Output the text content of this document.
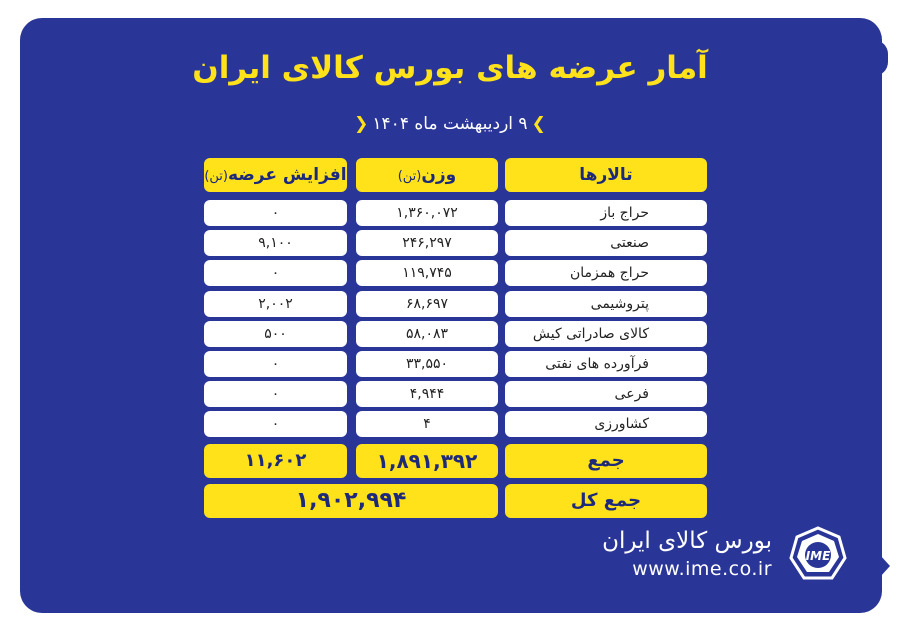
آمار عرضه های بورس کالای ایران
❯۹ اردیبهشت ماه ۱۴۰۴❮
تالارها
وزن(تن)
افزایش عرضه(تن)
حراج باز
۱,۳۶۰,۰۷۲
۰
صنعتی
۲۴۶,۲۹۷
۹,۱۰۰
حراج همزمان
۱۱۹,۷۴۵
۰
پتروشیمی
۶۸,۶۹۷
۲,۰۰۲
کالای صادراتی کیش
۵۸,۰۸۳
۵۰۰
فرآورده های نفتی
۳۳,۵۵۰
۰
فرعی
۴,۹۴۴
۰
کشاورزی
۴
۰
جمع
۱,۸۹۱,۳۹۲
۱۱,۶۰۲
جمع کل
۱,۹۰۲,۹۹۴
بورس کالای ایران
www.ime.co.ir
IME
